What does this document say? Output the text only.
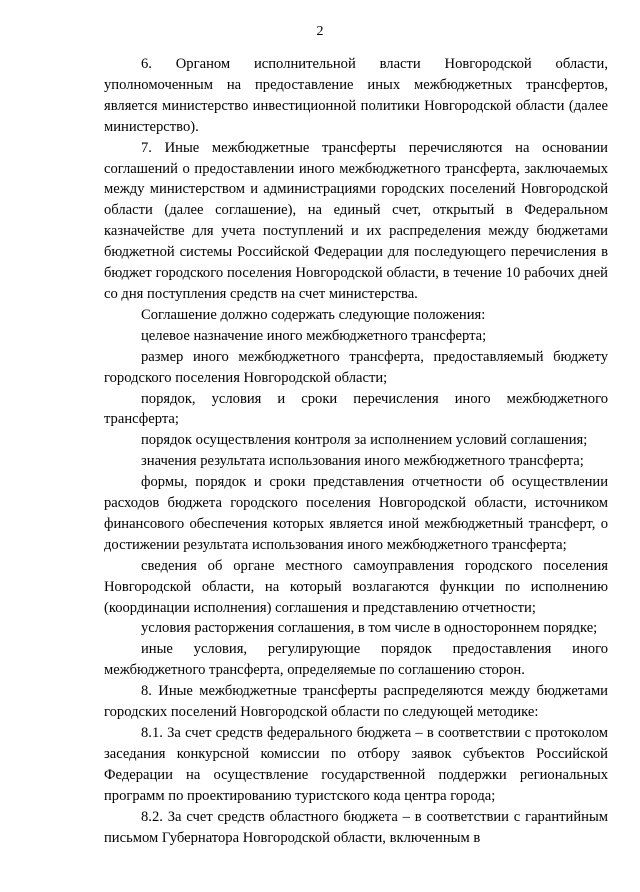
2

6. Органом исполнительной власти Новгородской области, уполномоченным на предоставление иных межбюджетных трансфертов, является министерство инвестиционной политики Новгородской области (далее министерство).

7. Иные межбюджетные трансферты перечисляются на основании соглашений о предоставлении иного межбюджетного трансферта, заключаемых между министерством и администрациями городских поселений Новгородской области (далее соглашение), на единый счет, открытый в Федеральном казначействе для учета поступлений и их распределения между бюджетами бюджетной системы Российской Федерации для последующего перечисления в бюджет городского поселения Новгородской области, в течение 10 рабочих дней со дня поступления средств на счет министерства.

Соглашение должно содержать следующие положения:

целевое назначение иного межбюджетного трансферта;

размер иного межбюджетного трансферта, предоставляемый бюджету городского поселения Новгородской области;

порядок, условия и сроки перечисления иного межбюджетного трансферта;

порядок осуществления контроля за исполнением условий соглашения;

значения результата использования иного межбюджетного трансферта;

формы, порядок и сроки представления отчетности об осуществлении расходов бюджета городского поселения Новгородской области, источником финансового обеспечения которых является иной межбюджетный трансферт, о достижении результата использования иного межбюджетного трансферта;

сведения об органе местного самоуправления городского поселения Новгородской области, на который возлагаются функции по исполнению (координации исполнения) соглашения и представлению отчетности;

условия расторжения соглашения, в том числе в одностороннем порядке;

иные условия, регулирующие порядок предоставления иного межбюджетного трансферта, определяемые по соглашению сторон.

8. Иные межбюджетные трансферты распределяются между бюджетами городских поселений Новгородской области по следующей методике:

8.1. За счет средств федерального бюджета – в соответствии с протоколом заседания конкурсной комиссии по отбору заявок субъектов Российской Федерации на осуществление государственной поддержки региональных программ по проектированию туристского кода центра города;

8.2. За счет средств областного бюджета – в соответствии с гарантийным письмом Губернатора Новгородской области, включенным в
